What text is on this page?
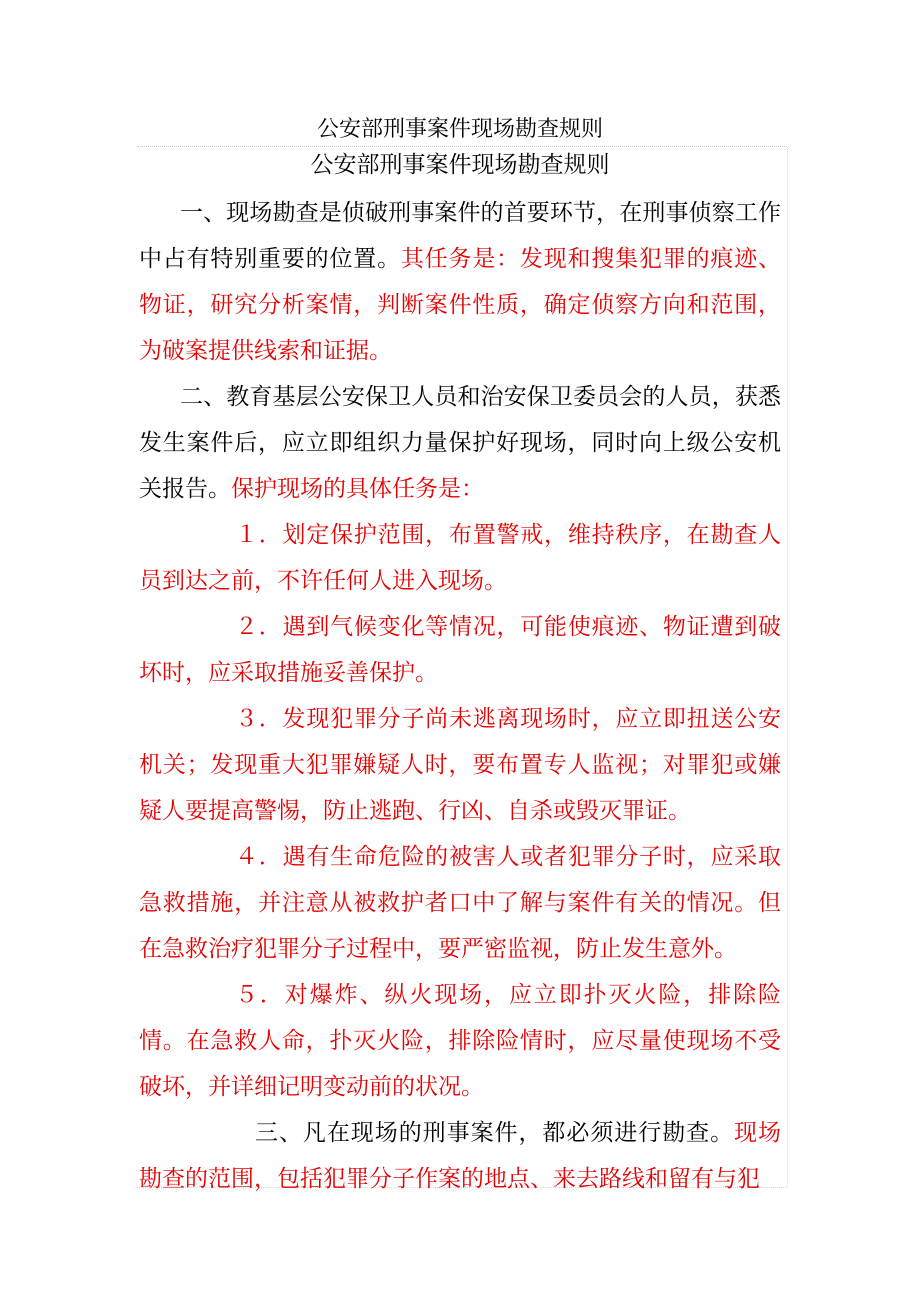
公安部刑事案件现场勘查规则
公安部刑事案件现场勘查规则

一、现场勘查是侦破刑事案件的首要环节，在刑事侦察工作中占有特别重要的位置。其任务是：发现和搜集犯罪的痕迹、物证，研究分析案情，判断案件性质，确定侦察方向和范围，为破案提供线索和证据。

二、教育基层公安保卫人员和治安保卫委员会的人员，获悉发生案件后，应立即组织力量保护好现场，同时向上级公安机关报告。保护现场的具体任务是：

１．划定保护范围，布置警戒，维持秩序，在勘查人员到达之前，不许任何人进入现场。

２．遇到气候变化等情况，可能使痕迹、物证遭到破坏时，应采取措施妥善保护。

３．发现犯罪分子尚未逃离现场时，应立即扭送公安机关；发现重大犯罪嫌疑人时，要布置专人监视；对罪犯或嫌疑人要提高警惕，防止逃跑、行凶、自杀或毁灭罪证。

４．遇有生命危险的被害人或者犯罪分子时，应采取急救措施，并注意从被救护者口中了解与案件有关的情况。但在急救治疗犯罪分子过程中，要严密监视，防止发生意外。

５．对爆炸、纵火现场，应立即扑灭火险，排除险情。在急救人命，扑灭火险，排除险情时，应尽量使现场不受破坏，并详细记明变动前的状况。

三、凡在现场的刑事案件，都必须进行勘查。现场勘查的范围，包括犯罪分子作案的地点、来去路线和留有与犯
